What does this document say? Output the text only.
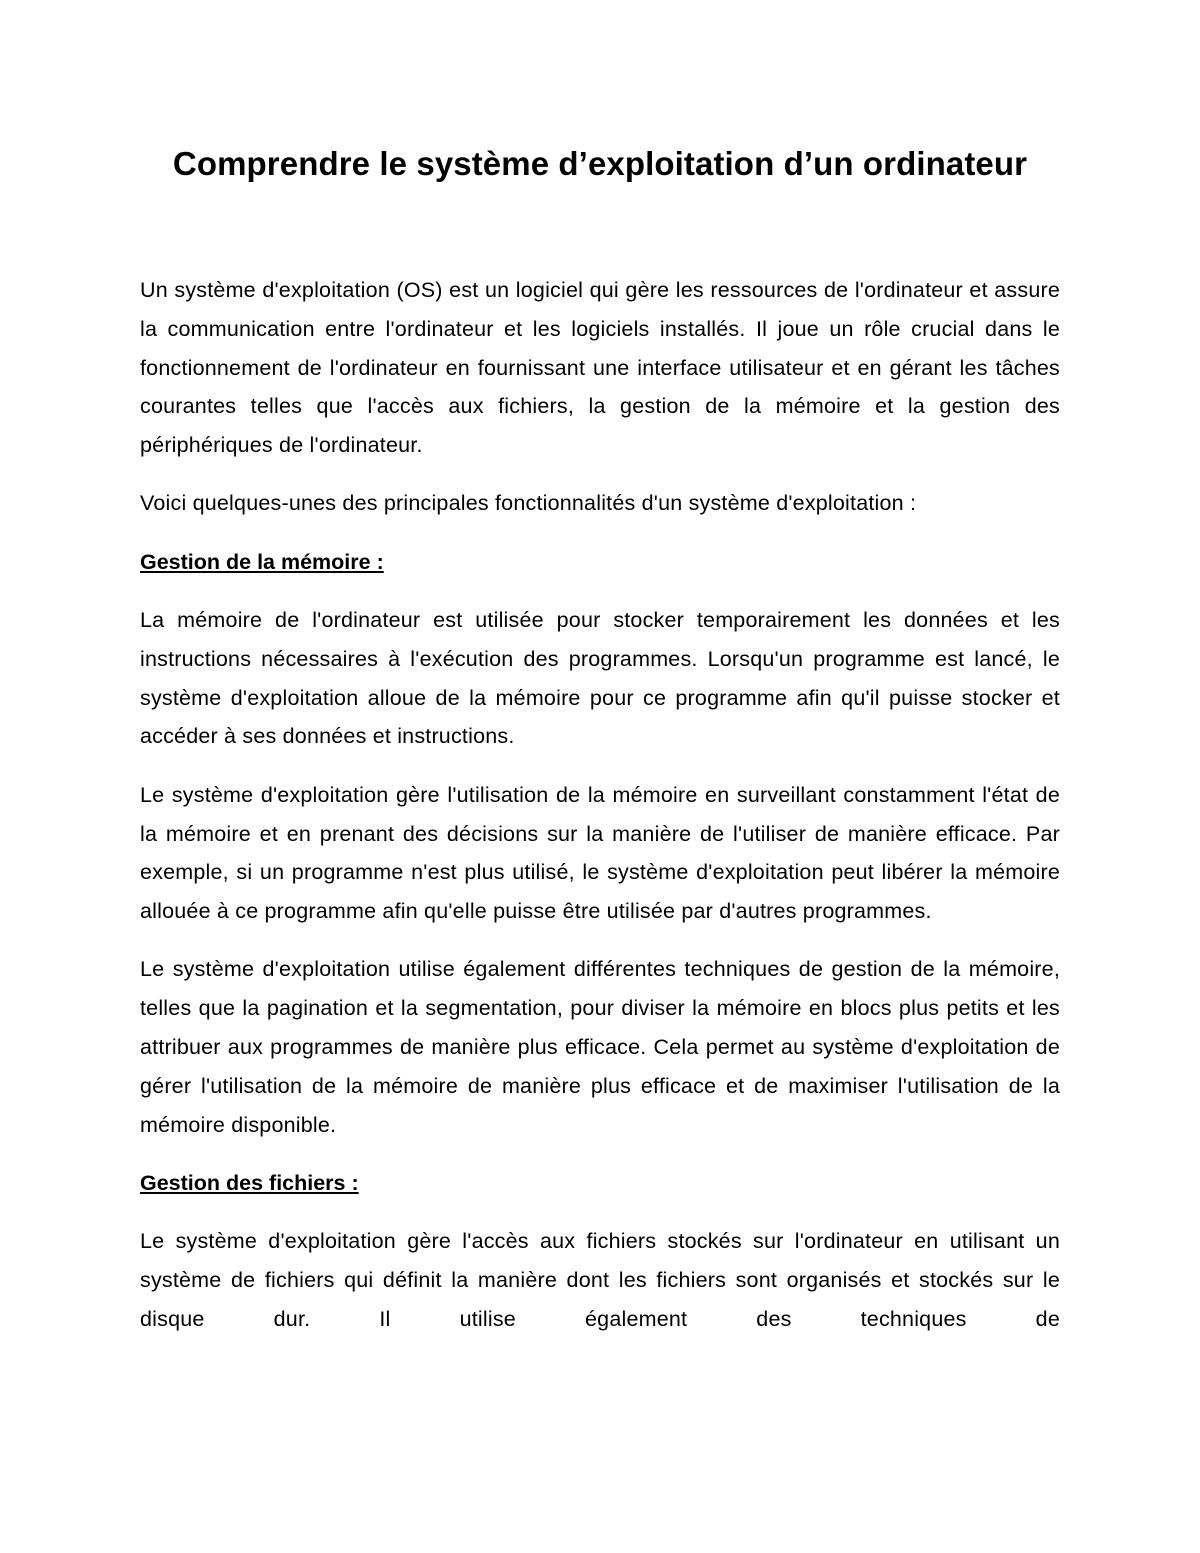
Comprendre le système d’exploitation d’un ordinateur

Un système d'exploitation (OS) est un logiciel qui gère les ressources de l'ordinateur et assure la communication entre l'ordinateur et les logiciels installés. Il joue un rôle crucial dans le fonctionnement de l'ordinateur en fournissant une interface utilisateur et en gérant les tâches courantes telles que l'accès aux fichiers, la gestion de la mémoire et la gestion des périphériques de l'ordinateur.

Voici quelques-unes des principales fonctionnalités d'un système d'exploitation :

Gestion de la mémoire :

La mémoire de l'ordinateur est utilisée pour stocker temporairement les données et les instructions nécessaires à l'exécution des programmes. Lorsqu'un programme est lancé, le système d'exploitation alloue de la mémoire pour ce programme afin qu'il puisse stocker et accéder à ses données et instructions.

Le système d'exploitation gère l'utilisation de la mémoire en surveillant constamment l'état de la mémoire et en prenant des décisions sur la manière de l'utiliser de manière efficace. Par exemple, si un programme n'est plus utilisé, le système d'exploitation peut libérer la mémoire allouée à ce programme afin qu'elle puisse être utilisée par d'autres programmes.

Le système d'exploitation utilise également différentes techniques de gestion de la mémoire, telles que la pagination et la segmentation, pour diviser la mémoire en blocs plus petits et les attribuer aux programmes de manière plus efficace. Cela permet au système d'exploitation de gérer l'utilisation de la mémoire de manière plus efficace et de maximiser l'utilisation de la mémoire disponible.

Gestion des fichiers :

Le système d'exploitation gère l'accès aux fichiers stockés sur l'ordinateur en utilisant un système de fichiers qui définit la manière dont les fichiers sont organisés et stockés sur le disque dur. Il utilise également des techniques de
